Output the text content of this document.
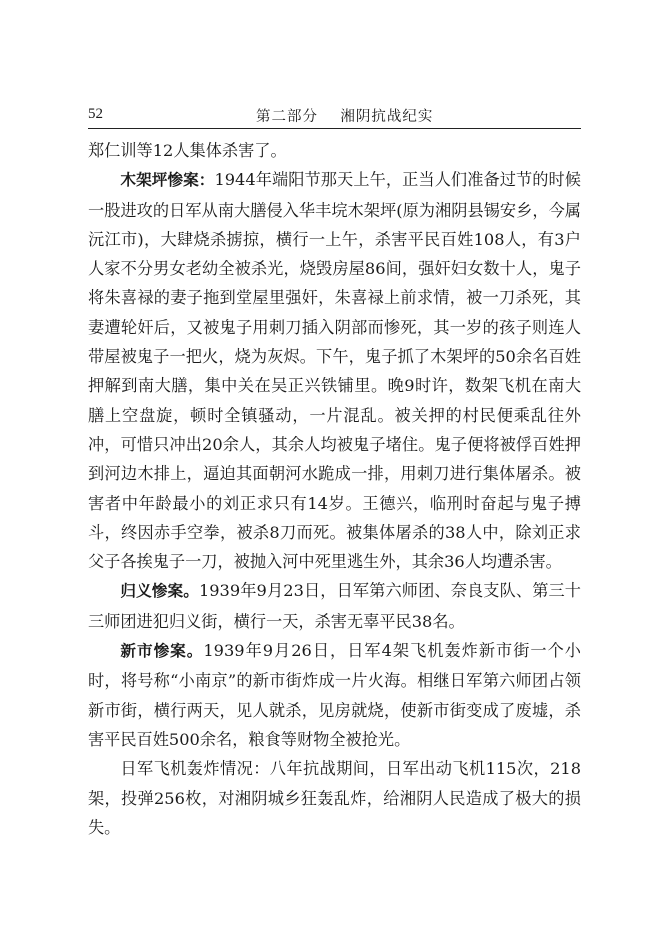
52	第二部分    湘阴抗战纪实

郑仁训等12人集体杀害了。

木架坪惨案：1944年端阳节那天上午，正当人们准备过节的时候一股进攻的日军从南大膳侵入华丰垸木架坪(原为湘阴县锡安乡，今属沅江市)，大肆烧杀掳掠，横行一上午，杀害平民百姓108人，有3户人家不分男女老幼全被杀光，烧毁房屋86间，强奸妇女数十人，鬼子将朱喜禄的妻子拖到堂屋里强奸，朱喜禄上前求情，被一刀杀死，其妻遭轮奸后，又被鬼子用刺刀插入阴部而惨死，其一岁的孩子则连人带屋被鬼子一把火，烧为灰烬。下午，鬼子抓了木架坪的50余名百姓押解到南大膳，集中关在吴正兴铁铺里。晚9时许，数架飞机在南大膳上空盘旋，顿时全镇骚动，一片混乱。被关押的村民便乘乱往外冲，可惜只冲出20余人，其余人均被鬼子堵住。鬼子便将被俘百姓押到河边木排上，逼迫其面朝河水跪成一排，用刺刀进行集体屠杀。被害者中年龄最小的刘正求只有14岁。王德兴，临刑时奋起与鬼子搏斗，终因赤手空拳，被杀8刀而死。被集体屠杀的38人中，除刘正求父子各挨鬼子一刀，被抛入河中死里逃生外，其余36人均遭杀害。

归义惨案。1939年9月23日，日军第六师团、奈良支队、第三十三师团进犯归义街，横行一天，杀害无辜平民38名。

新市惨案。1939年9月26日，日军4架飞机轰炸新市街一个小时，将号称“小南京”的新市街炸成一片火海。相继日军第六师团占领新市街，横行两天，见人就杀，见房就烧，使新市街变成了废墟，杀害平民百姓500余名，粮食等财物全被抢光。

日军飞机轰炸情况：八年抗战期间，日军出动飞机115次，218架，投弹256枚，对湘阴城乡狂轰乱炸，给湘阴人民造成了极大的损失。
